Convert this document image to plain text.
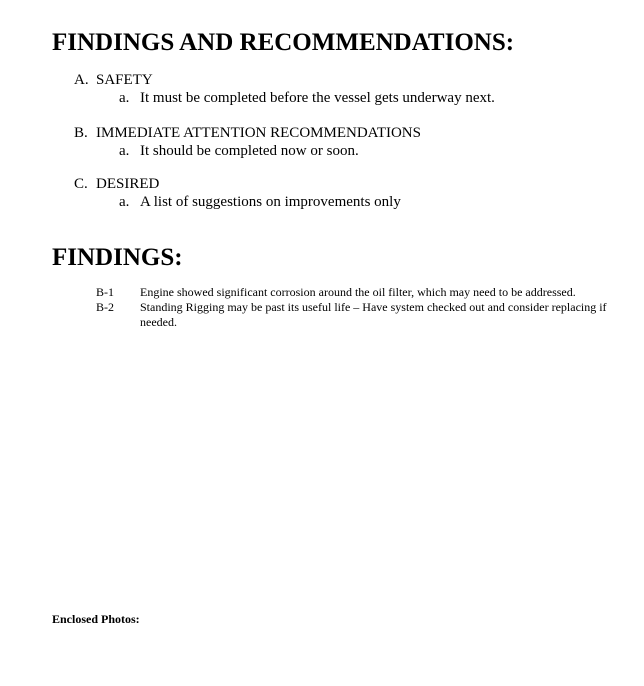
FINDINGS AND RECOMMENDATIONS:
A. SAFETY
a. It must be completed before the vessel gets underway next.
B. IMMEDIATE ATTENTION RECOMMENDATIONS
a. It should be completed now or soon.
C. DESIRED
a. A list of suggestions on improvements only
FINDINGS:
B-1	Engine showed significant corrosion around the oil filter, which may need to be addressed.
B-2	Standing Rigging may be past its useful life – Have system checked out and consider replacing if needed.
Enclosed Photos:
